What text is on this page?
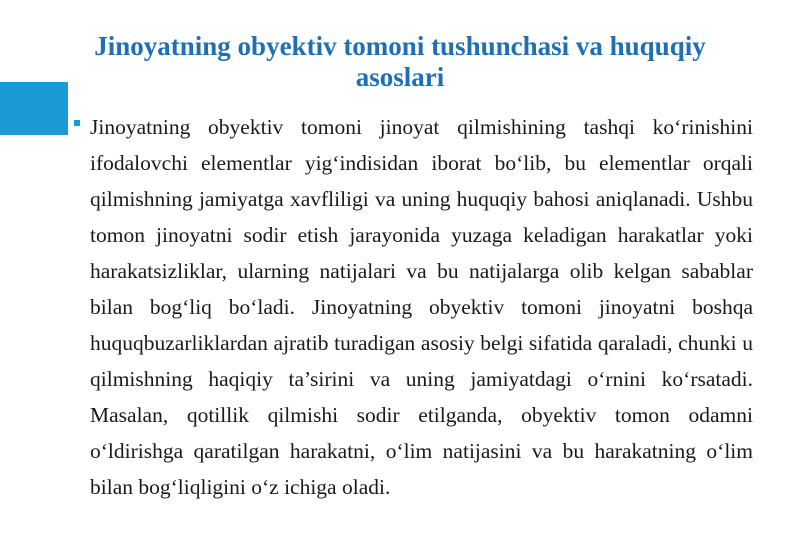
Jinoyatning obyektiv tomoni tushunchasi va huquqiy asoslari
Jinoyatning obyektiv tomoni jinoyat qilmishining tashqi ko‘rinishini ifodalovchi elementlar yig‘indisidan iborat bo‘lib, bu elementlar orqali qilmishning jamiyatga xavfliligi va uning huquqiy bahosi aniqlanadi. Ushbu tomon jinoyatni sodir etish jarayonida yuzaga keladigan harakatlar yoki harakatsizliklar, ularning natijalari va bu natijalarga olib kelgan sabablar bilan bog‘liq bo‘ladi. Jinoyatning obyektiv tomoni jinoyatni boshqa huquqbuzarliklardan ajratib turadigan asosiy belgi sifatida qaraladi, chunki u qilmishning haqiqiy ta’sirini va uning jamiyatdagi o‘rnini ko‘rsatadi. Masalan, qotillik qilmishi sodir etilganda, obyektiv tomon odamni o‘ldirishga qaratilgan harakatni, o‘lim natijasini va bu harakatning o‘lim bilan bog‘liqligini o‘z ichiga oladi.
